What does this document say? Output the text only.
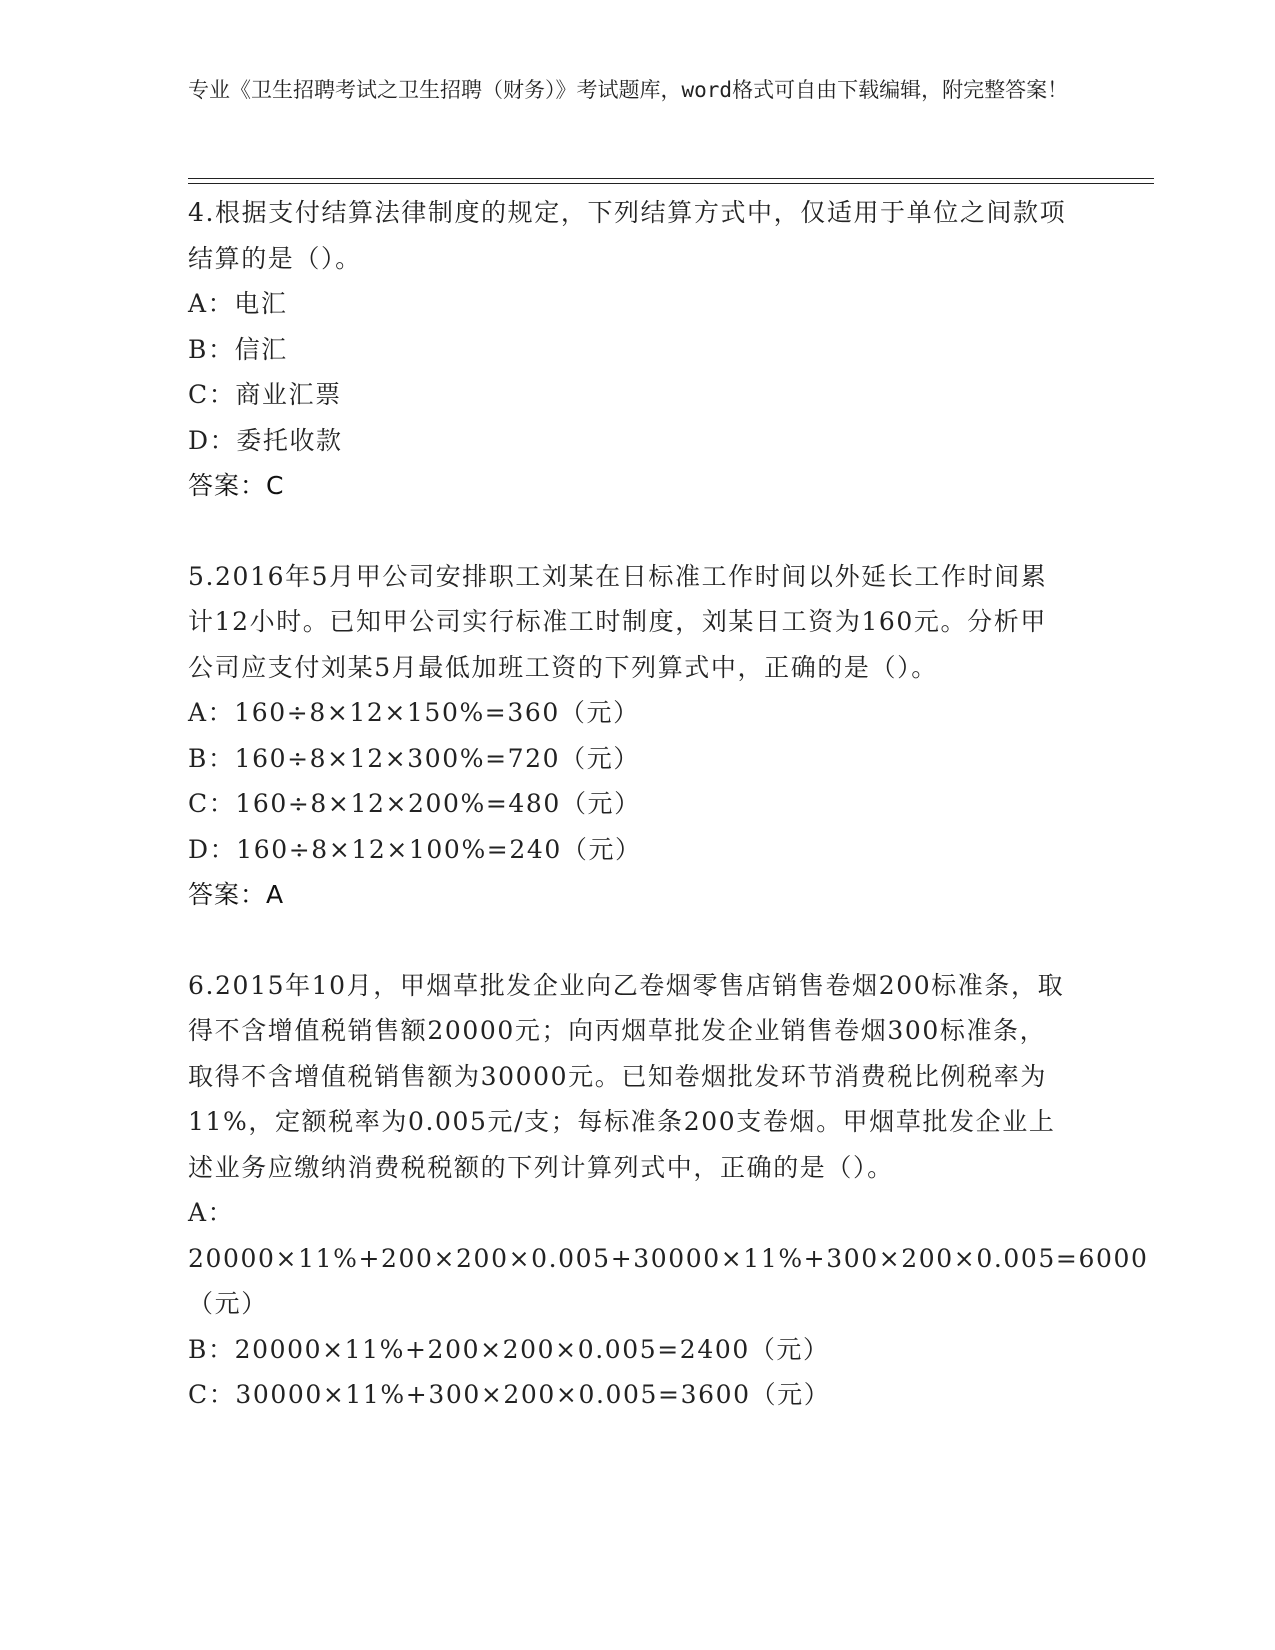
专业《卫生招聘考试之卫生招聘（财务）》考试题库，word格式可自由下载编辑，附完整答案！
4.根据支付结算法律制度的规定，下列结算方式中，仅适用于单位之间款项结算的是（）。
A：电汇
B：信汇
C：商业汇票
D：委托收款
答案：C
5.2016年5月甲公司安排职工刘某在日标准工作时间以外延长工作时间累计12小时。已知甲公司实行标准工时制度，刘某日工资为160元。分析甲公司应支付刘某5月最低加班工资的下列算式中，正确的是（）。
A：160÷8×12×150%=360（元）
B：160÷8×12×300%=720（元）
C：160÷8×12×200%=480（元）
D：160÷8×12×100%=240（元）
答案：A
6.2015年10月，甲烟草批发企业向乙卷烟零售店销售卷烟200标准条，取得不含增值税销售额20000元；向丙烟草批发企业销售卷烟300标准条，取得不含增值税销售额为30000元。已知卷烟批发环节消费税比例税率为11%，定额税率为0.005元/支；每标准条200支卷烟。甲烟草批发企业上述业务应缴纳消费税税额的下列计算列式中，正确的是（）。
A：20000×11%+200×200×0.005+30000×11%+300×200×0.005=6000（元）
B：20000×11%+200×200×0.005=2400（元）
C：30000×11%+300×200×0.005=3600（元）
